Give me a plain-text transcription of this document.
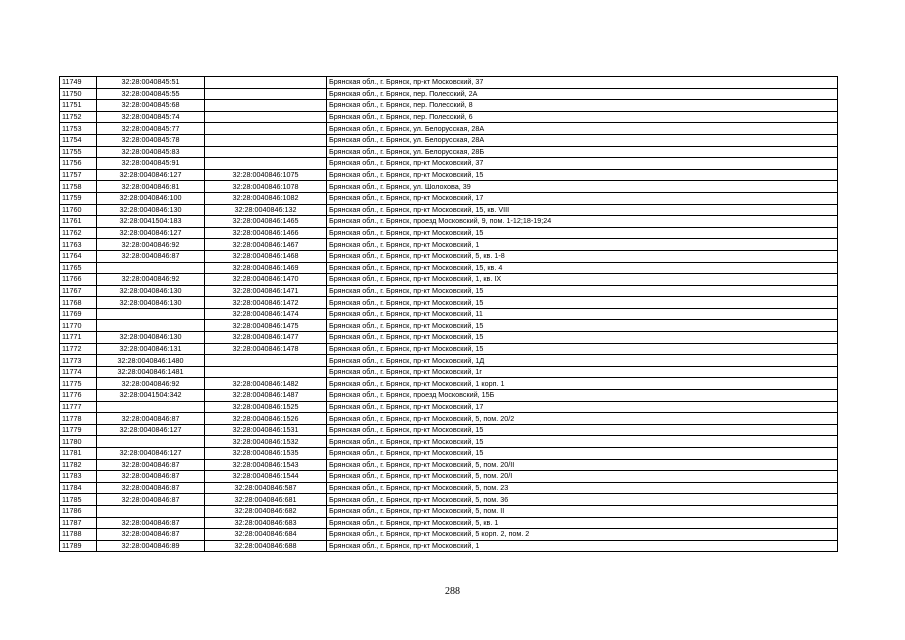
11749	32:28:0040845:51		Брянская обл., г. Брянск, пр-кт Московский, 37
11750	32:28:0040845:55		Брянская обл., г. Брянск, пер. Полесский, 2А
11751	32:28:0040845:68		Брянская обл., г. Брянск, пер. Полесский, 8
11752	32:28:0040845:74		Брянская обл., г. Брянск, пер. Полесский, 6
11753	32:28:0040845:77		Брянская обл., г. Брянск, ул. Белорусская, 28А
11754	32:28:0040845:78		Брянская обл., г. Брянск, ул. Белорусская, 28А
11755	32:28:0040845:83		Брянская обл., г. Брянск, ул. Белорусская, 28Б
11756	32:28:0040845:91		Брянская обл., г. Брянск, пр-кт Московский, 37
11757	32:28:0040846:127	32:28:0040846:1075	Брянская обл., г. Брянск, пр-кт Московский, 15
11758	32:28:0040846:81	32:28:0040846:1078	Брянская обл., г. Брянск, ул. Шолохова, 39
11759	32:28:0040846:100	32:28:0040846:1082	Брянская обл., г. Брянск, пр-кт Московский, 17
11760	32:28:0040846:130	32:28:0040846:132	Брянская обл., г. Брянск, пр-кт Московский, 15, кв. VIII
11761	32:28:0041504:183	32:28:0040846:1465	Брянская обл., г. Брянск, проезд Московский, 9, пом. 1-12;18-19;24
11762	32:28:0040846:127	32:28:0040846:1466	Брянская обл., г. Брянск, пр-кт Московский, 15
11763	32:28:0040846:92	32:28:0040846:1467	Брянская обл., г. Брянск, пр-кт Московский, 1
11764	32:28:0040846:87	32:28:0040846:1468	Брянская обл., г. Брянск, пр-кт Московский, 5, кв. 1-8
11765		32:28:0040846:1469	Брянская обл., г. Брянск, пр-кт Московский, 15, кв. 4
11766	32:28:0040846:92	32:28:0040846:1470	Брянская обл., г. Брянск, пр-кт Московский, 1, кв. IX
11767	32:28:0040846:130	32:28:0040846:1471	Брянская обл., г. Брянск, пр-кт Московский, 15
11768	32:28:0040846:130	32:28:0040846:1472	Брянская обл., г. Брянск, пр-кт Московский, 15
11769		32:28:0040846:1474	Брянская обл., г. Брянск, пр-кт Московский, 11
11770		32:28:0040846:1475	Брянская обл., г. Брянск, пр-кт Московский, 15
11771	32:28:0040846:130	32:28:0040846:1477	Брянская обл., г. Брянск, пр-кт Московский, 15
11772	32:28:0040846:131	32:28:0040846:1478	Брянская обл., г. Брянск, пр-кт Московский, 15
11773	32:28:0040846:1480		Брянская обл., г. Брянск, пр-кт Московский, 1Д
11774	32:28:0040846:1481		Брянская обл., г. Брянск, пр-кт Московский, 1г
11775	32:28:0040846:92	32:28:0040846:1482	Брянская обл., г. Брянск, пр-кт Московский, 1 корп. 1
11776	32:28:0041504:342	32:28:0040846:1487	Брянская обл., г. Брянск, проезд Московский, 15Б
11777		32:28:0040846:1525	Брянская обл., г. Брянск, пр-кт Московский, 17
11778	32:28:0040846:87	32:28:0040846:1526	Брянская обл., г. Брянск, пр-кт Московский, 5, пом. 20/2
11779	32:28:0040846:127	32:28:0040846:1531	Брянская обл., г. Брянск, пр-кт Московский, 15
11780		32:28:0040846:1532	Брянская обл., г. Брянск, пр-кт Московский, 15
11781	32:28:0040846:127	32:28:0040846:1535	Брянская обл., г. Брянск, пр-кт Московский, 15
11782	32:28:0040846:87	32:28:0040846:1543	Брянская обл., г. Брянск, пр-кт Московский, 5, пом. 20/II
11783	32:28:0040846:87	32:28:0040846:1544	Брянская обл., г. Брянск, пр-кт Московский, 5, пом. 20/I
11784	32:28:0040846:87	32:28:0040846:587	Брянская обл., г. Брянск, пр-кт Московский, 5, пом. 23
11785	32:28:0040846:87	32:28:0040846:681	Брянская обл., г. Брянск, пр-кт Московский, 5, пом. 36
11786		32:28:0040846:682	Брянская обл., г. Брянск, пр-кт Московский, 5, пом. II
11787	32:28:0040846:87	32:28:0040846:683	Брянская обл., г. Брянск, пр-кт Московский, 5, кв. 1
11788	32:28:0040846:87	32:28:0040846:684	Брянская обл., г. Брянск, пр-кт Московский, 5 корп. 2, пом. 2
11789	32:28:0040846:89	32:28:0040846:688	Брянская обл., г. Брянск, пр-кт Московский, 1
288
